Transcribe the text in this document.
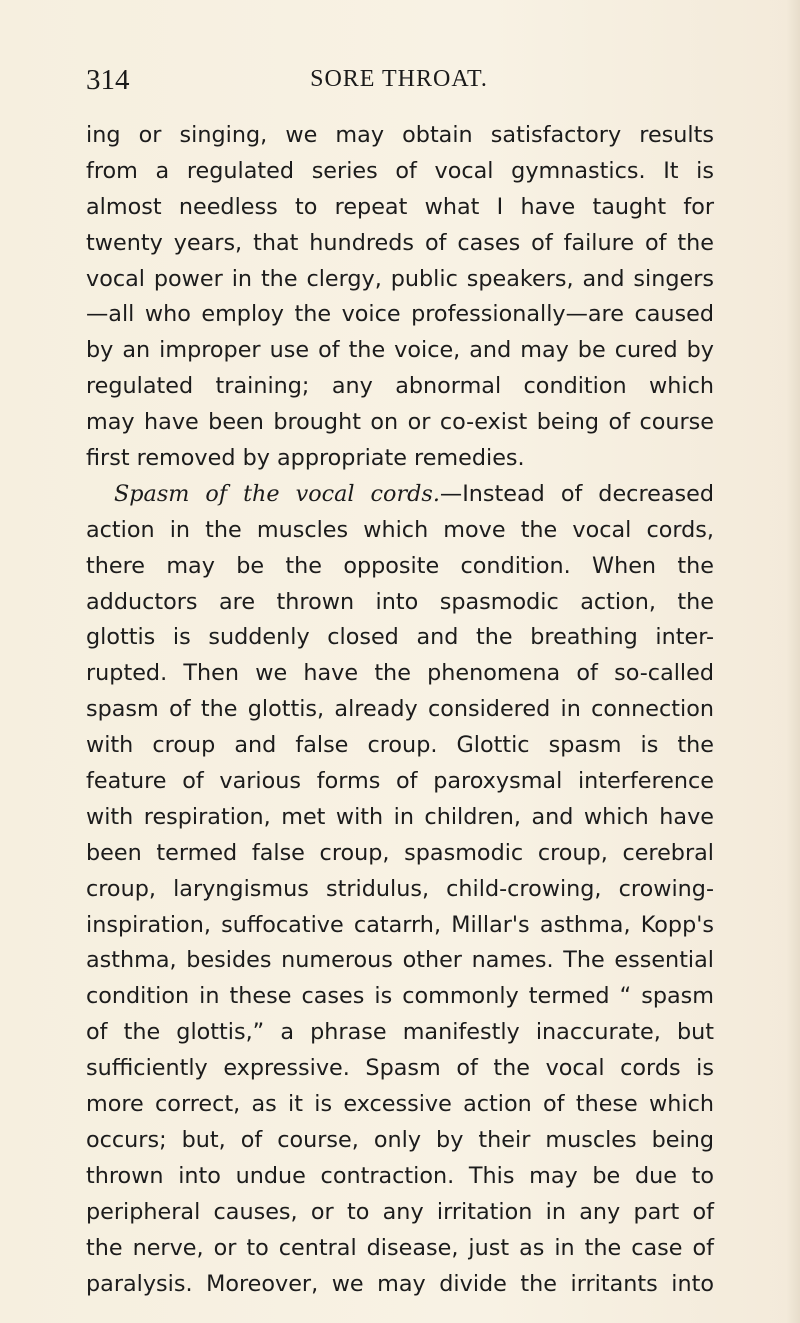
314	SORE THROAT.
ing or singing, we may obtain satisfactory results
from a regulated series of vocal gymnastics. It is
almost needless to repeat what I have taught for
twenty years, that hundreds of cases of failure of the
vocal power in the clergy, public speakers, and singers
—all who employ the voice professionally—are caused
by an improper use of the voice, and may be cured by
regulated training; any abnormal condition which
may have been brought on or co-exist being of course
first removed by appropriate remedies.
Spasm of the vocal cords.—Instead of decreased
action in the muscles which move the vocal cords,
there may be the opposite condition. When the
adductors are thrown into spasmodic action, the
glottis is suddenly closed and the breathing inter-
rupted. Then we have the phenomena of so-called
spasm of the glottis, already considered in connection
with croup and false croup. Glottic spasm is the
feature of various forms of paroxysmal interference
with respiration, met with in children, and which have
been termed false croup, spasmodic croup, cerebral
croup, laryngismus stridulus, child-crowing, crowing-
inspiration, suffocative catarrh, Millar's asthma, Kopp's
asthma, besides numerous other names. The essential
condition in these cases is commonly termed “ spasm
of the glottis,” a phrase manifestly inaccurate, but
sufficiently expressive. Spasm of the vocal cords is
more correct, as it is excessive action of these which
occurs; but, of course, only by their muscles being
thrown into undue contraction. This may be due to
peripheral causes, or to any irritation in any part of
the nerve, or to central disease, just as in the case of
paralysis. Moreover, we may divide the irritants into
